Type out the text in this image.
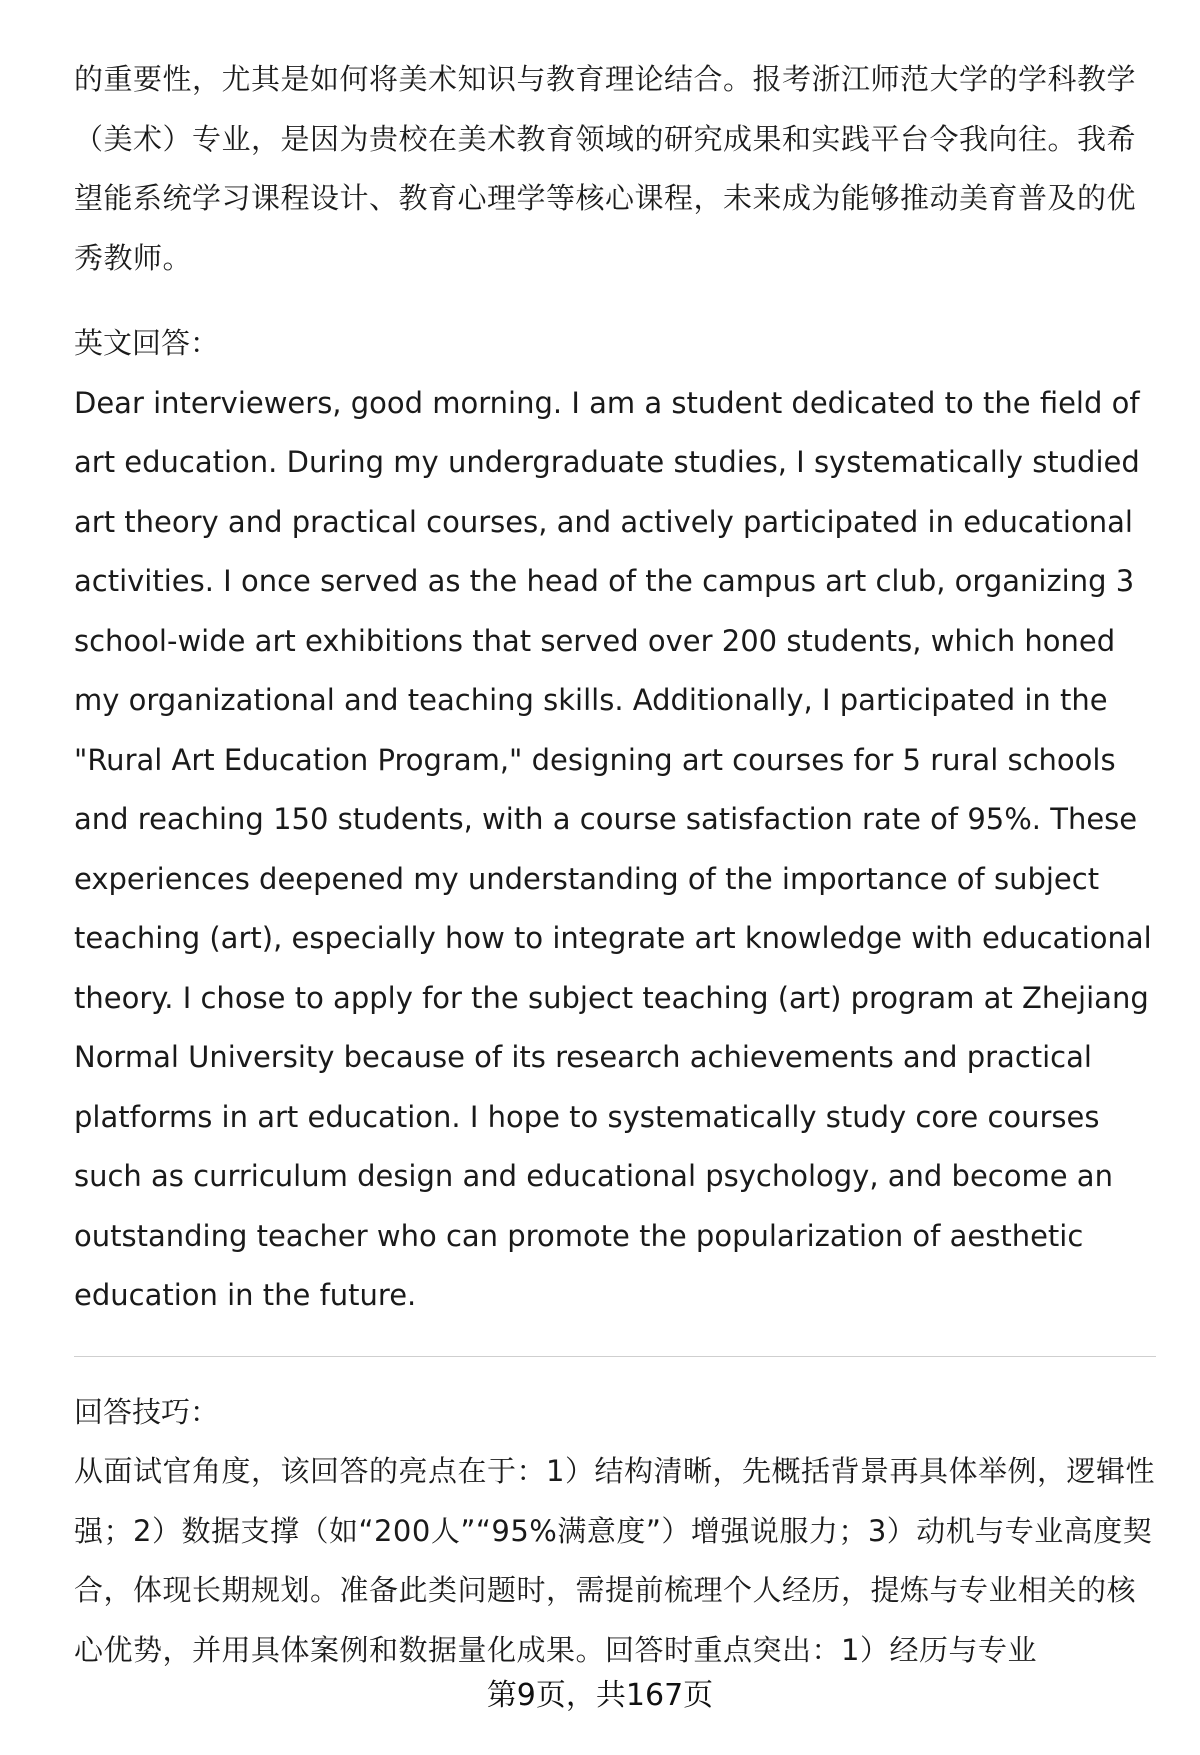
的重要性，尤其是如何将美术知识与教育理论结合。报考浙江师范大学的学科教学（美术）专业，是因为贵校在美术教育领域的研究成果和实践平台令我向往。我希望能系统学习课程设计、教育心理学等核心课程，未来成为能够推动美育普及的优秀教师。

英文回答：

Dear interviewers, good morning. I am a student dedicated to the field of art education. During my undergraduate studies, I systematically studied art theory and practical courses, and actively participated in educational activities. I once served as the head of the campus art club, organizing 3 school-wide art exhibitions that served over 200 students, which honed my organizational and teaching skills. Additionally, I participated in the "Rural Art Education Program," designing art courses for 5 rural schools and reaching 150 students, with a course satisfaction rate of 95%. These experiences deepened my understanding of the importance of subject teaching (art), especially how to integrate art knowledge with educational theory. I chose to apply for the subject teaching (art) program at Zhejiang Normal University because of its research achievements and practical platforms in art education. I hope to systematically study core courses such as curriculum design and educational psychology, and become an outstanding teacher who can promote the popularization of aesthetic education in the future.

回答技巧：

从面试官角度，该回答的亮点在于：1）结构清晰，先概括背景再具体举例，逻辑性强；2）数据支撑（如“200人”“95%满意度”）增强说服力；3）动机与专业高度契合，体现长期规划。准备此类问题时，需提前梳理个人经历，提炼与专业相关的核心优势，并用具体案例和数据量化成果。回答时重点突出：1）经历与专业

第9页，共167页
